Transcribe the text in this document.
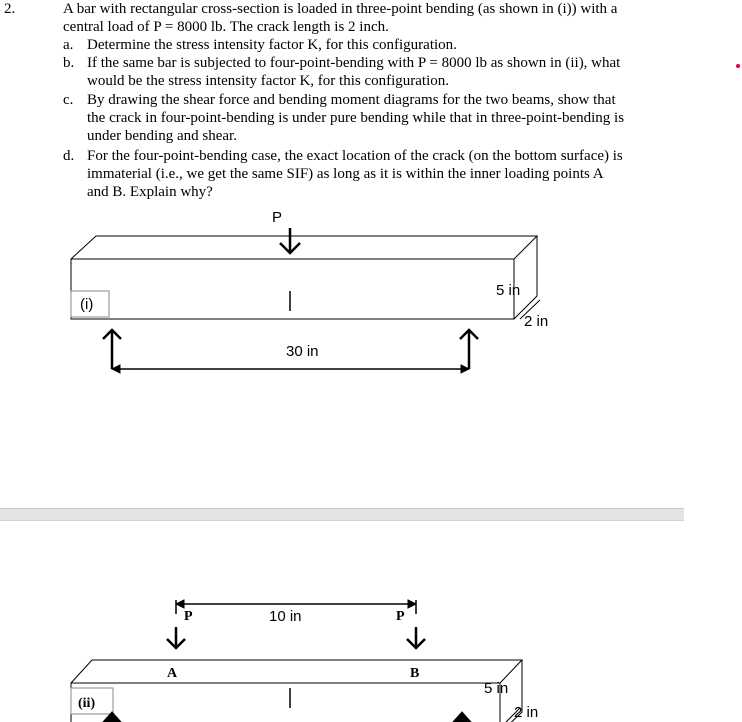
2.	A bar with rectangular cross-section is loaded in three-point bending (as shown in (i)) with a
central load of P = 8000 lb. The crack length is 2 inch.
a. Determine the stress intensity factor K, for this configuration.
b. If the same bar is subjected to four-point-bending with P = 8000 lb as shown in (ii), what
would be the stress intensity factor K, for this configuration.
c. By drawing the shear force and bending moment diagrams for the two beams, show that
the crack in four-point-bending is under pure bending while that in three-point-bending is
under bending and shear.
d. For the four-point-bending case, the exact location of the crack (on the bottom surface) is
immaterial (i.e., we get the same SIF) as long as it is within the inner loading points A
and B. Explain why?
P
(i)
30 in
5 in
2 in
P	P
10 in
A	B
(ii)
5 in
2 in
